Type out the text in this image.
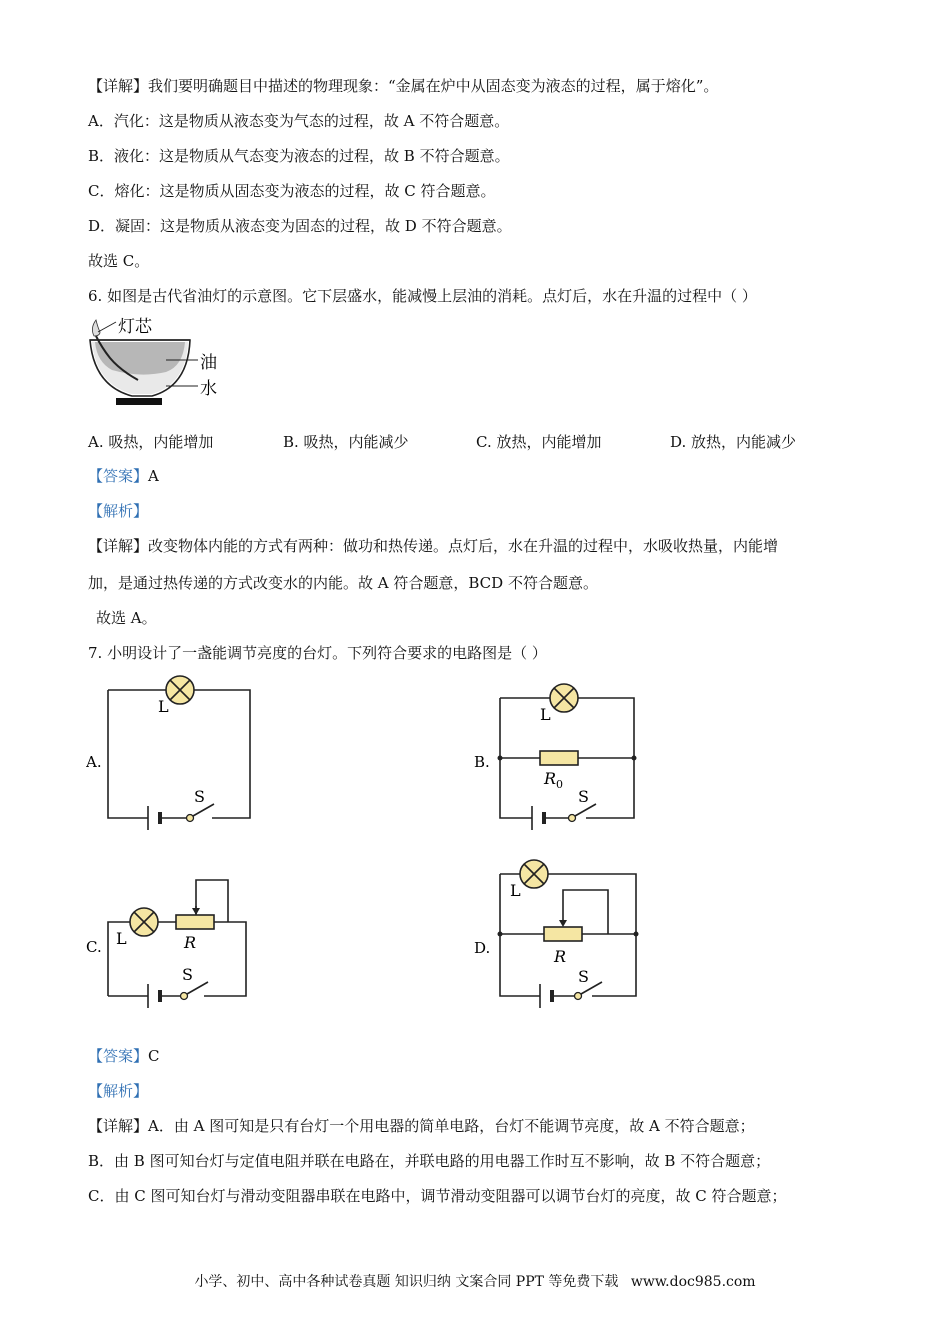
【详解】我们要明确题目中描述的物理现象：“金属在炉中从固态变为液态的过程，属于熔化”。
A．汽化：这是物质从液态变为气态的过程，故 A 不符合题意。
B．液化：这是物质从气态变为液态的过程，故 B 不符合题意。
C．熔化：这是物质从固态变为液态的过程，故 C 符合题意。
D．凝固：这是物质从液态变为固态的过程，故 D 不符合题意。
故选 C。
6. 如图是古代省油灯的示意图。它下层盛水，能减慢上层油的消耗。点灯后，水在升温的过程中（ ）
灯芯
油
水
A. 吸热，内能增加	B. 吸热，内能减少	C. 放热，内能增加	D. 放热，内能减少
【答案】A
【解析】
【详解】改变物体内能的方式有两种：做功和热传递。点灯后，水在升温的过程中，水吸收热量，内能增
加，是通过热传递的方式改变水的内能。故 A 符合题意，BCD 不符合题意。
故选 A。
7. 小明设计了一盏能调节亮度的台灯。下列符合要求的电路图是（ ）
A.
L
S
B.
L
$R_0$
S
C. L	R
S
D.
L
R
S
【答案】C
【解析】
【详解】A．由 A 图可知是只有台灯一个用电器的简单电路，台灯不能调节亮度，故 A 不符合题意；
B．由 B 图可知台灯与定值电阻并联在电路在，并联电路的用电器工作时互不影响，故 B 不符合题意；
C．由 C 图可知台灯与滑动变阻器串联在电路中，调节滑动变阻器可以调节台灯的亮度，故 C 符合题意；
小学、初中、高中各种试卷真题 知识归纳 文案合同 PPT 等免费下载 www.doc985.com
